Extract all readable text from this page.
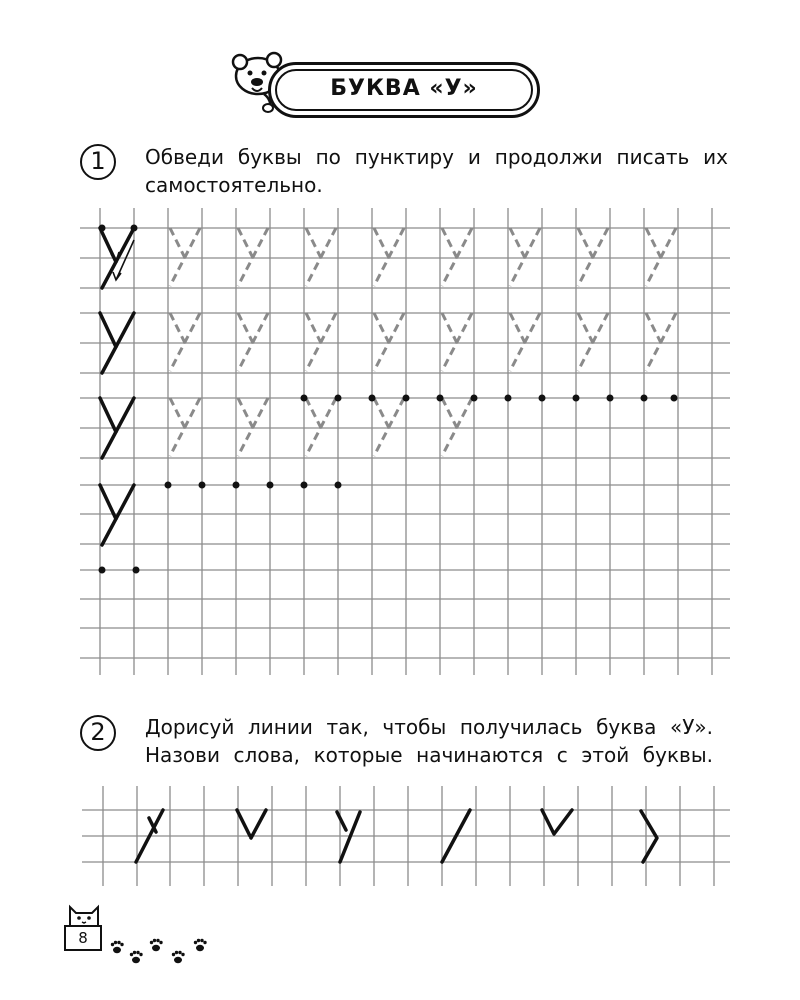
БУКВА «У»
1	Обведи буквы по пунктиру и продолжи писать их
самостоятельно.
2	Дорисуй линии так, чтобы получилась буква «У».
Назови слова, которые начинаются с этой буквы.
8
